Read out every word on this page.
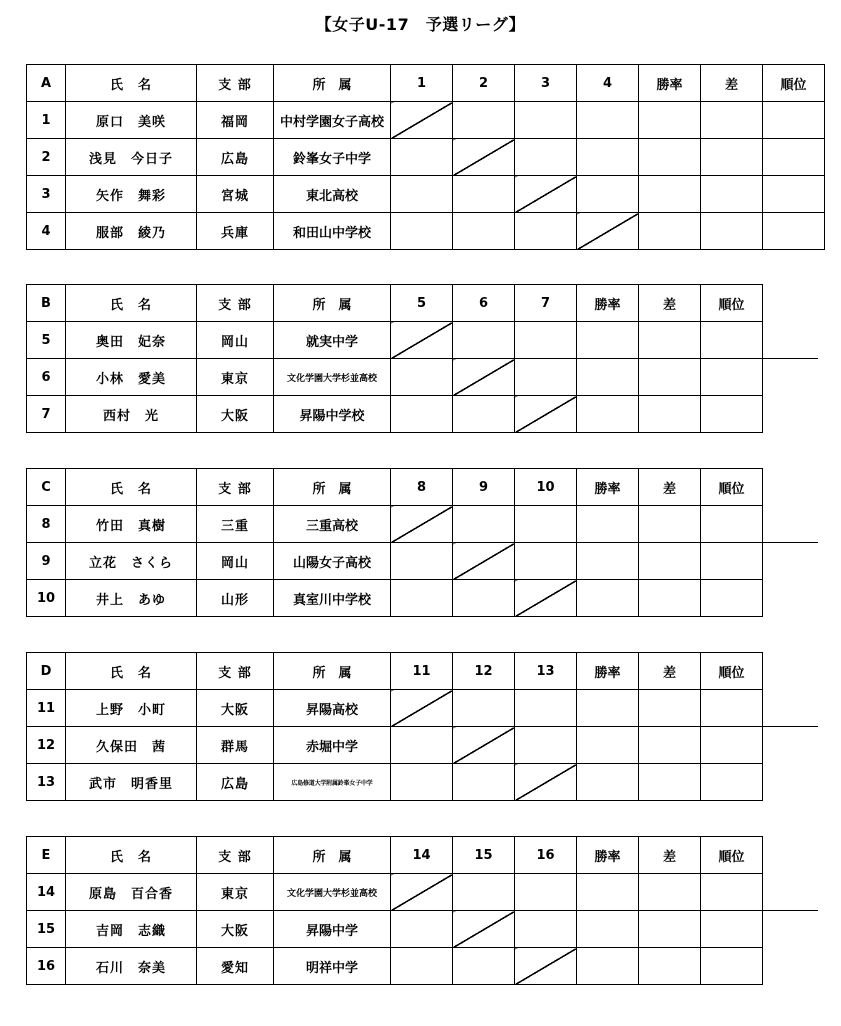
【女子U-17　予選リーグ】
A	氏　名	支 部	所　属	1	2	3	4	勝率	差	順位
1	原口　美咲	福岡	中村学園女子高校							
2	浅見　今日子	広島	鈴峯女子中学							
3	矢作　舞彩	宮城	東北高校							
4	服部　綾乃	兵庫	和田山中学校							
B	氏　名	支 部	所　属	5	6	7	勝率	差	順位
5	奥田　妃奈	岡山	就実中学						
6	小林　愛美	東京	文化学園大学杉並高校						
7	西村　光	大阪	昇陽中学校						
C	氏　名	支 部	所　属	8	9	10	勝率	差	順位
8	竹田　真樹	三重	三重高校						
9	立花　さくら	岡山	山陽女子高校						
10	井上　あゆ	山形	真室川中学校						
D	氏　名	支 部	所　属	11	12	13	勝率	差	順位
11	上野　小町	大阪	昇陽高校						
12	久保田　茜	群馬	赤堀中学						
13	武市　明香里	広島	広島修道大学附属鈴峯女子中学						
E	氏　名	支 部	所　属	14	15	16	勝率	差	順位
14	原島　百合香	東京	文化学園大学杉並高校						
15	吉岡　志織	大阪	昇陽中学						
16	石川　奈美	愛知	明祥中学						
